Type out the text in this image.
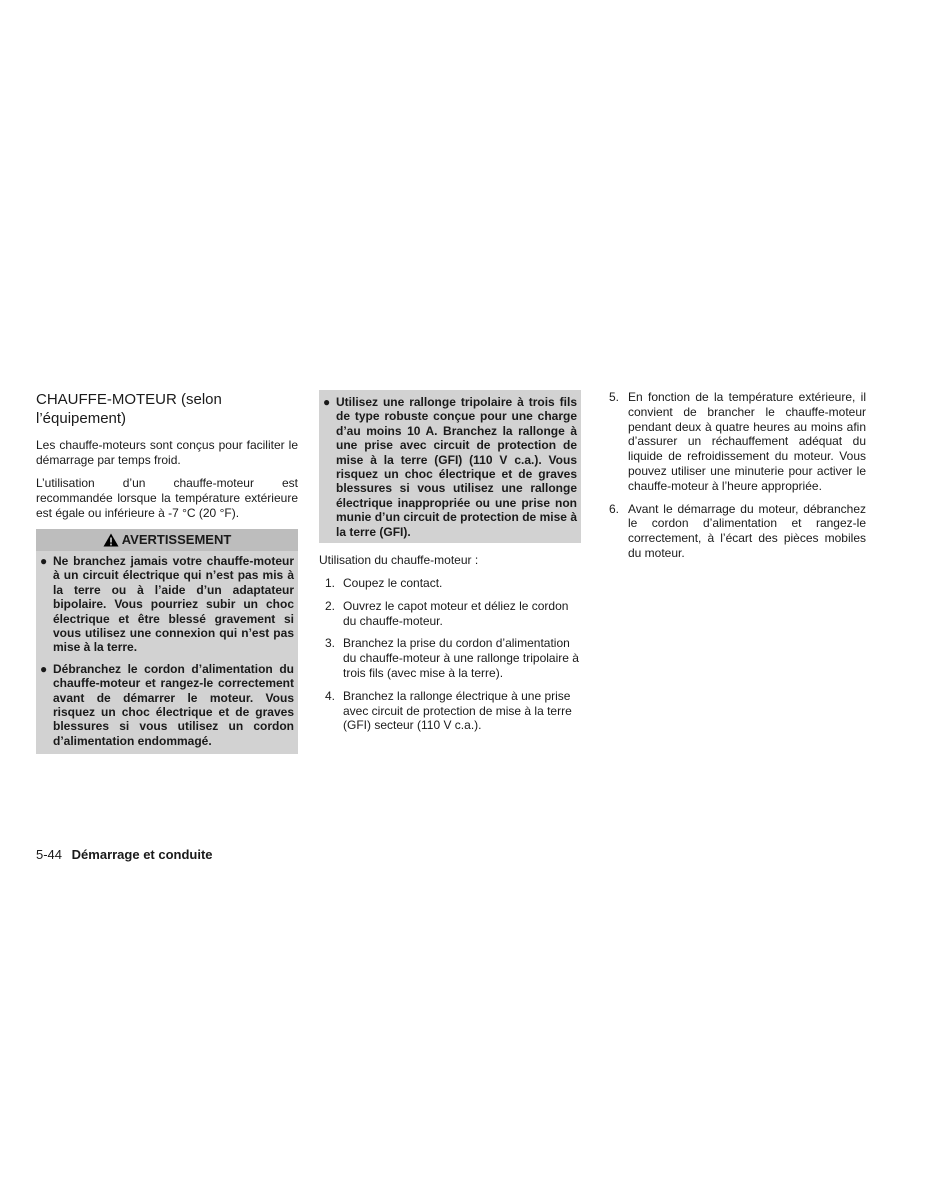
CHAUFFE-MOTEUR (selon
l’équipement)

Les chauffe-moteurs sont conçus pour faciliter le démarrage par temps froid.

L’utilisation d’un chauffe-moteur est recommandée lorsque la température extérieure est égale ou inférieure à -7 °C (20 °F).

AVERTISSEMENT
● Ne branchez jamais votre chauffe-moteur à un circuit électrique qui n’est pas mis à la terre ou à l’aide d’un adaptateur bipolaire. Vous pourriez subir un choc électrique et être blessé gravement si vous utilisez une connexion qui n’est pas mise à la terre.
● Débranchez le cordon d’alimentation du chauffe-moteur et rangez-le correctement avant de démarrer le moteur. Vous risquez un choc électrique et de graves blessures si vous utilisez un cordon d’alimentation endommagé.
● Utilisez une rallonge tripolaire à trois fils de type robuste conçue pour une charge d’au moins 10 A. Branchez la rallonge à une prise avec circuit de protection de mise à la terre (GFI) (110 V c.a.). Vous risquez un choc électrique et de graves blessures si vous utilisez une rallonge électrique inappropriée ou une prise non munie d’un circuit de protection de mise à la terre (GFI).

Utilisation du chauffe-moteur :

1. Coupez le contact.
2. Ouvrez le capot moteur et déliez le cordon du chauffe-moteur.
3. Branchez la prise du cordon d’alimentation du chauffe-moteur à une rallonge tripolaire à trois fils (avec mise à la terre).
4. Branchez la rallonge électrique à une prise avec circuit de protection de mise à la terre (GFI) secteur (110 V c.a.).
5. En fonction de la température extérieure, il convient de brancher le chauffe-moteur pendant deux à quatre heures au moins afin d’assurer un réchauffement adéquat du liquide de refroidissement du moteur. Vous pouvez utiliser une minuterie pour activer le chauffe-moteur à l’heure appropriée.
6. Avant le démarrage du moteur, débranchez le cordon d’alimentation et rangez-le correctement, à l’écart des pièces mobiles du moteur.
5-44 Démarrage et conduite
